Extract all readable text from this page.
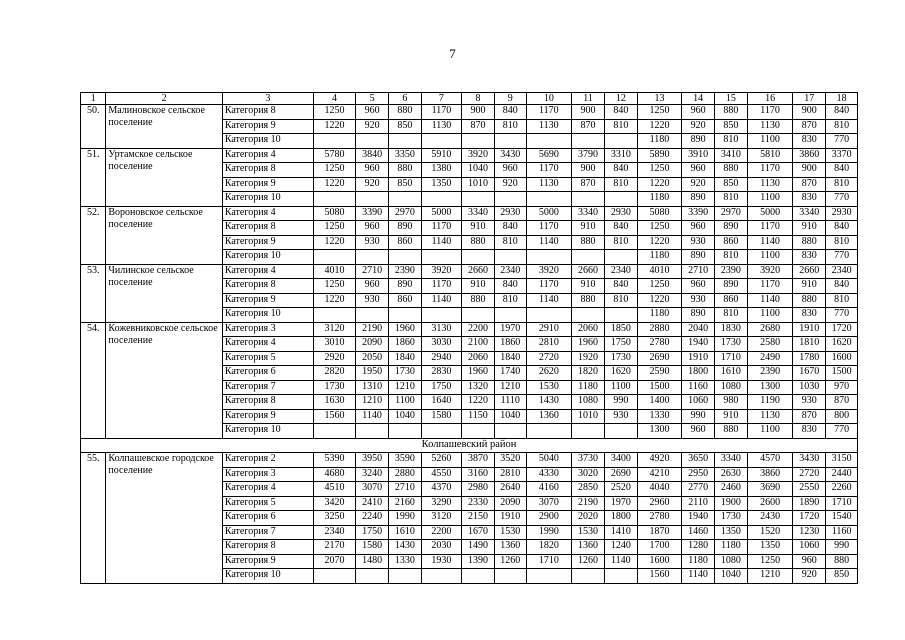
7
1	2	3	4	5	6	7	8	9	10	11	12	13	14	15	16	17	18
50.	Малиновское сельское поселение	Категория 8	1250	960	880	1170	900	840	1170	900	840	1250	960	880	1170	900	840
		Категория 9	1220	920	850	1130	870	810	1130	870	810	1220	920	850	1130	870	810
		Категория 10										1180	890	810	1100	830	770
51.	Уртамское сельское поселение	Категория 4	5780	3840	3350	5910	3920	3430	5690	3790	3310	5890	3910	3410	5810	3860	3370
		Категория 8	1250	960	880	1380	1040	960	1170	900	840	1250	960	880	1170	900	840
		Категория 9	1220	920	850	1350	1010	920	1130	870	810	1220	920	850	1130	870	810
		Категория 10										1180	890	810	1100	830	770
52.	Вороновское сельское поселение	Категория 4	5080	3390	2970	5000	3340	2930	5000	3340	2930	5080	3390	2970	5000	3340	2930
		Категория 8	1250	960	890	1170	910	840	1170	910	840	1250	960	890	1170	910	840
		Категория 9	1220	930	860	1140	880	810	1140	880	810	1220	930	860	1140	880	810
		Категория 10										1180	890	810	1100	830	770
53.	Чилинское сельское поселение	Категория 4	4010	2710	2390	3920	2660	2340	3920	2660	2340	4010	2710	2390	3920	2660	2340
		Категория 8	1250	960	890	1170	910	840	1170	910	840	1250	960	890	1170	910	840
		Категория 9	1220	930	860	1140	880	810	1140	880	810	1220	930	860	1140	880	810
		Категория 10										1180	890	810	1100	830	770
54.	Кожевниковское сельское поселение	Категория 3	3120	2190	1960	3130	2200	1970	2910	2060	1850	2880	2040	1830	2680	1910	1720
		Категория 4	3010	2090	1860	3030	2100	1860	2810	1960	1750	2780	1940	1730	2580	1810	1620
		Категория 5	2920	2050	1840	2940	2060	1840	2720	1920	1730	2690	1910	1710	2490	1780	1600
		Категория 6	2820	1950	1730	2830	1960	1740	2620	1820	1620	2590	1800	1610	2390	1670	1500
		Категория 7	1730	1310	1210	1750	1320	1210	1530	1180	1100	1500	1160	1080	1300	1030	970
		Категория 8	1630	1210	1100	1640	1220	1110	1430	1080	990	1400	1060	980	1190	930	870
		Категория 9	1560	1140	1040	1580	1150	1040	1360	1010	930	1330	990	910	1130	870	800
		Категория 10										1300	960	880	1100	830	770
Колпашевский район																	
55.	Колпашевское городское поселение	Категория 2	5390	3950	3590	5260	3870	3520	5040	3730	3400	4920	3650	3340	4570	3430	3150
		Категория 3	4680	3240	2880	4550	3160	2810	4330	3020	2690	4210	2950	2630	3860	2720	2440
		Категория 4	4510	3070	2710	4370	2980	2640	4160	2850	2520	4040	2770	2460	3690	2550	2260
		Категория 5	3420	2410	2160	3290	2330	2090	3070	2190	1970	2960	2110	1900	2600	1890	1710
		Категория 6	3250	2240	1990	3120	2150	1910	2900	2020	1800	2780	1940	1730	2430	1720	1540
		Категория 7	2340	1750	1610	2200	1670	1530	1990	1530	1410	1870	1460	1350	1520	1230	1160
		Категория 8	2170	1580	1430	2030	1490	1360	1820	1360	1240	1700	1280	1180	1350	1060	990
		Категория 9	2070	1480	1330	1930	1390	1260	1710	1260	1140	1600	1180	1080	1250	960	880
		Категория 10										1560	1140	1040	1210	920	850
